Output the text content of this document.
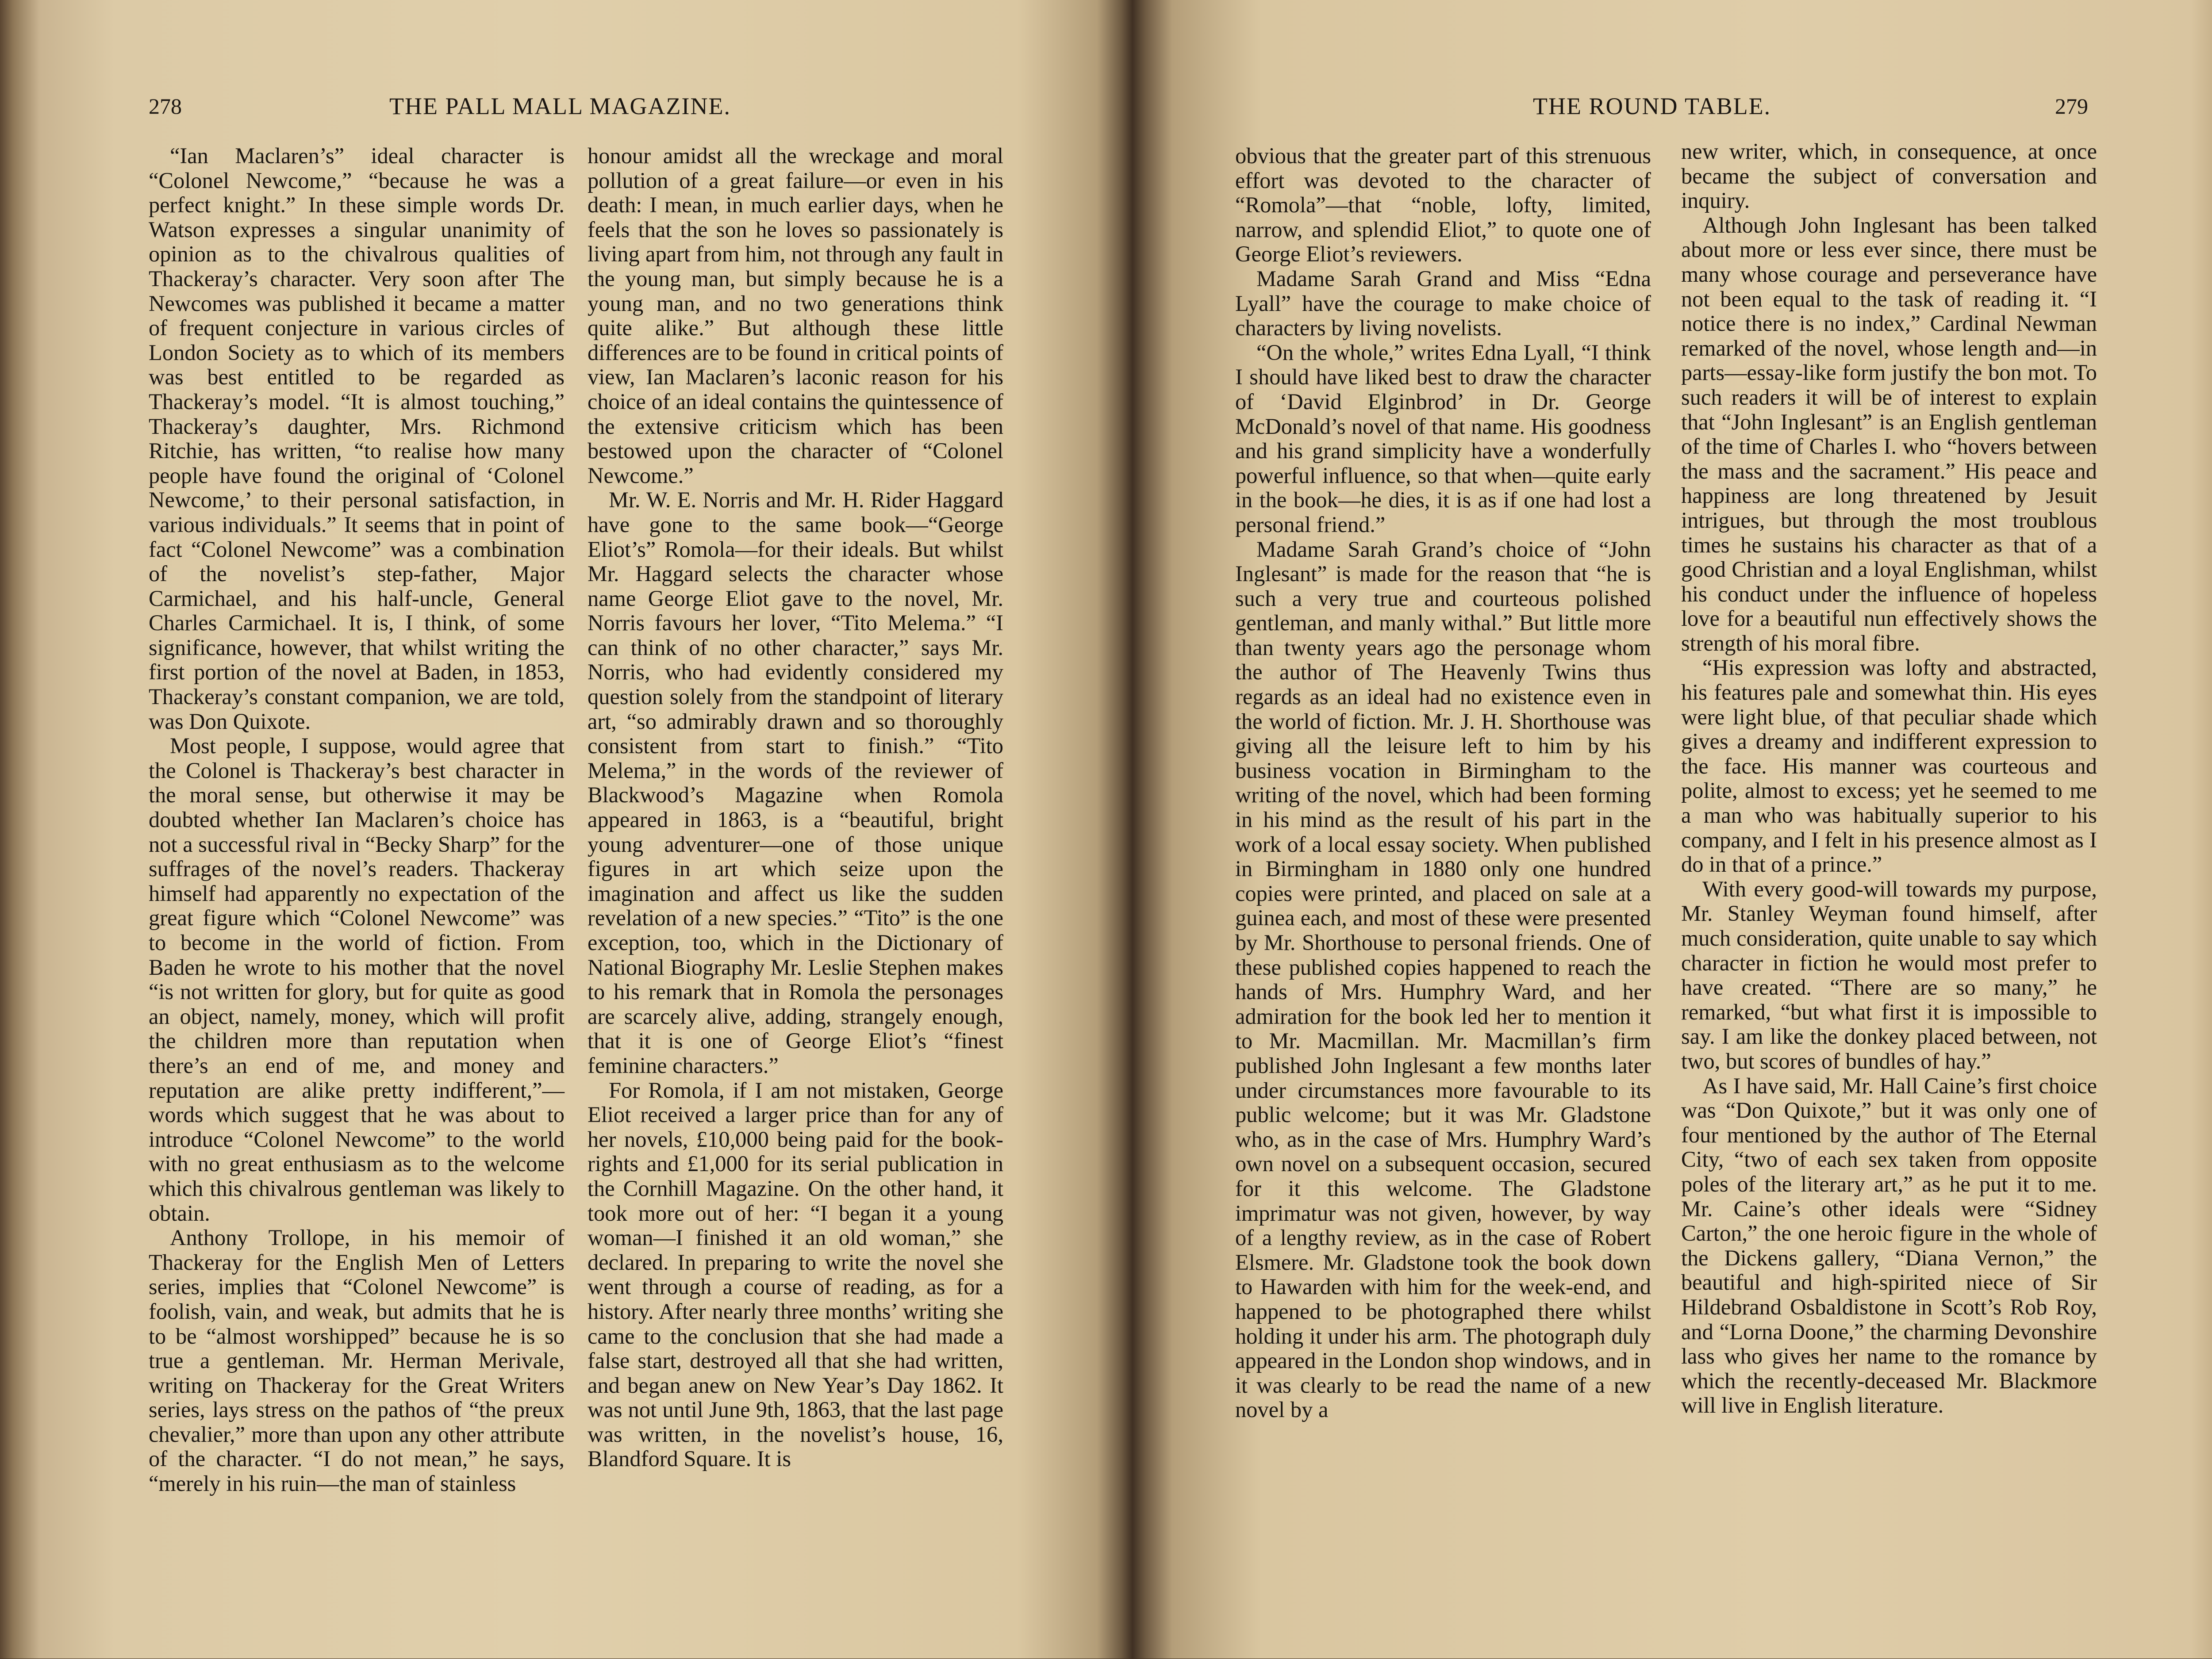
278	THE PALL MALL MAGAZINE.

“Ian Maclaren’s” ideal character is “Colonel Newcome,” “because he was a perfect knight.” In these simple words Dr. Watson expresses a singular unanimity of opinion as to the chivalrous qualities of Thackeray’s character. Very soon after The Newcomes was published it became a matter of frequent conjecture in various circles of London Society as to which of its members was best entitled to be regarded as Thackeray’s model. “It is almost touching,” Thackeray’s daughter, Mrs. Richmond Ritchie, has written, “to realise how many people have found the original of ‘Colonel Newcome,’ to their personal satisfaction, in various individuals.” It seems that in point of fact “Colonel Newcome” was a combination of the novelist’s step-father, Major Carmichael, and his half-uncle, General Charles Carmichael. It is, I think, of some significance, however, that whilst writing the first portion of the novel at Baden, in 1853, Thackeray’s constant companion, we are told, was Don Quixote.

Most people, I suppose, would agree that the Colonel is Thackeray’s best character in the moral sense, but otherwise it may be doubted whether Ian Maclaren’s choice has not a successful rival in “Becky Sharp” for the suffrages of the novel’s readers. Thackeray himself had apparently no expectation of the great figure which “Colonel Newcome” was to become in the world of fiction. From Baden he wrote to his mother that the novel “is not written for glory, but for quite as good an object, namely, money, which will profit the children more than reputation when there’s an end of me, and money and reputation are alike pretty indifferent,”—words which suggest that he was about to introduce “Colonel Newcome” to the world with no great enthusiasm as to the welcome which this chivalrous gentleman was likely to obtain.

Anthony Trollope, in his memoir of Thackeray for the English Men of Letters series, implies that “Colonel Newcome” is foolish, vain, and weak, but admits that he is to be “almost worshipped” because he is so true a gentleman. Mr. Herman Merivale, writing on Thackeray for the Great Writers series, lays stress on the pathos of “the preux chevalier,” more than upon any other attribute of the character. “I do not mean,” he says, “merely in his ruin—the man of stainless

honour amidst all the wreckage and moral pollution of a great failure—or even in his death: I mean, in much earlier days, when he feels that the son he loves so passionately is living apart from him, not through any fault in the young man, but simply because he is a young man, and no two generations think quite alike.” But although these little differences are to be found in critical points of view, Ian Maclaren’s laconic reason for his choice of an ideal contains the quintessence of the extensive criticism which has been bestowed upon the character of “Colonel Newcome.”

Mr. W. E. Norris and Mr. H. Rider Haggard have gone to the same book—“George Eliot’s” Romola—for their ideals. But whilst Mr. Haggard selects the character whose name George Eliot gave to the novel, Mr. Norris favours her lover, “Tito Melema.” “I can think of no other character,” says Mr. Norris, who had evidently considered my question solely from the standpoint of literary art, “so admirably drawn and so thoroughly consistent from start to finish.” “Tito Melema,” in the words of the reviewer of Blackwood’s Magazine when Romola appeared in 1863, is a “beautiful, bright young adventurer—one of those unique figures in art which seize upon the imagination and affect us like the sudden revelation of a new species.” “Tito” is the one exception, too, which in the Dictionary of National Biography Mr. Leslie Stephen makes to his remark that in Romola the personages are scarcely alive, adding, strangely enough, that it is one of George Eliot’s “finest feminine characters.”

For Romola, if I am not mistaken, George Eliot received a larger price than for any of her novels, £10,000 being paid for the book-rights and £1,000 for its serial publication in the Cornhill Magazine. On the other hand, it took more out of her: “I began it a young woman—I finished it an old woman,” she declared. In preparing to write the novel she went through a course of reading, as for a history. After nearly three months’ writing she came to the conclusion that she had made a false start, destroyed all that she had written, and began anew on New Year’s Day 1862. It was not until June 9th, 1863, that the last page was written, in the novelist’s house, 16, Blandford Square. It is

THE ROUND TABLE.	279

obvious that the greater part of this strenuous effort was devoted to the character of “Romola”—that “noble, lofty, limited, narrow, and splendid Eliot,” to quote one of George Eliot’s reviewers.

Madame Sarah Grand and Miss “Edna Lyall” have the courage to make choice of characters by living novelists.

“On the whole,” writes Edna Lyall, “I think I should have liked best to draw the character of ‘David Elginbrod’ in Dr. George McDonald’s novel of that name. His goodness and his grand simplicity have a wonderfully powerful influence, so that when—quite early in the book—he dies, it is as if one had lost a personal friend.”

Madame Sarah Grand’s choice of “John Inglesant” is made for the reason that “he is such a very true and courteous polished gentleman, and manly withal.” But little more than twenty years ago the personage whom the author of The Heavenly Twins thus regards as an ideal had no existence even in the world of fiction. Mr. J. H. Shorthouse was giving all the leisure left to him by his business vocation in Birmingham to the writing of the novel, which had been forming in his mind as the result of his part in the work of a local essay society. When published in Birmingham in 1880 only one hundred copies were printed, and placed on sale at a guinea each, and most of these were presented by Mr. Shorthouse to personal friends. One of these published copies happened to reach the hands of Mrs. Humphry Ward, and her admiration for the book led her to mention it to Mr. Macmillan. Mr. Macmillan’s firm published John Inglesant a few months later under circumstances more favourable to its public welcome; but it was Mr. Gladstone who, as in the case of Mrs. Humphry Ward’s own novel on a subsequent occasion, secured for it this welcome. The Gladstone imprimatur was not given, however, by way of a lengthy review, as in the case of Robert Elsmere. Mr. Gladstone took the book down to Hawarden with him for the week-end, and happened to be photographed there whilst holding it under his arm. The photograph duly appeared in the London shop windows, and in it was clearly to be read the name of a new novel by a

new writer, which, in consequence, at once became the subject of conversation and inquiry.

Although John Inglesant has been talked about more or less ever since, there must be many whose courage and perseverance have not been equal to the task of reading it. “I notice there is no index,” Cardinal Newman remarked of the novel, whose length and—in parts—essay-like form justify the bon mot. To such readers it will be of interest to explain that “John Inglesant” is an English gentleman of the time of Charles I. who “hovers between the mass and the sacrament.” His peace and happiness are long threatened by Jesuit intrigues, but through the most troublous times he sustains his character as that of a good Christian and a loyal Englishman, whilst his conduct under the influence of hopeless love for a beautiful nun effectively shows the strength of his moral fibre.

“His expression was lofty and abstracted, his features pale and somewhat thin. His eyes were light blue, of that peculiar shade which gives a dreamy and indifferent expression to the face. His manner was courteous and polite, almost to excess; yet he seemed to me a man who was habitually superior to his company, and I felt in his presence almost as I do in that of a prince.”

With every good-will towards my purpose, Mr. Stanley Weyman found himself, after much consideration, quite unable to say which character in fiction he would most prefer to have created. “There are so many,” he remarked, “but what first it is impossible to say. I am like the donkey placed between, not two, but scores of bundles of hay.”

As I have said, Mr. Hall Caine’s first choice was “Don Quixote,” but it was only one of four mentioned by the author of The Eternal City, “two of each sex taken from opposite poles of the literary art,” as he put it to me. Mr. Caine’s other ideals were “Sidney Carton,” the one heroic figure in the whole of the Dickens gallery, “Diana Vernon,” the beautiful and high-spirited niece of Sir Hildebrand Osbaldistone in Scott’s Rob Roy, and “Lorna Doone,” the charming Devonshire lass who gives her name to the romance by which the recently-deceased Mr. Blackmore will live in English literature.
